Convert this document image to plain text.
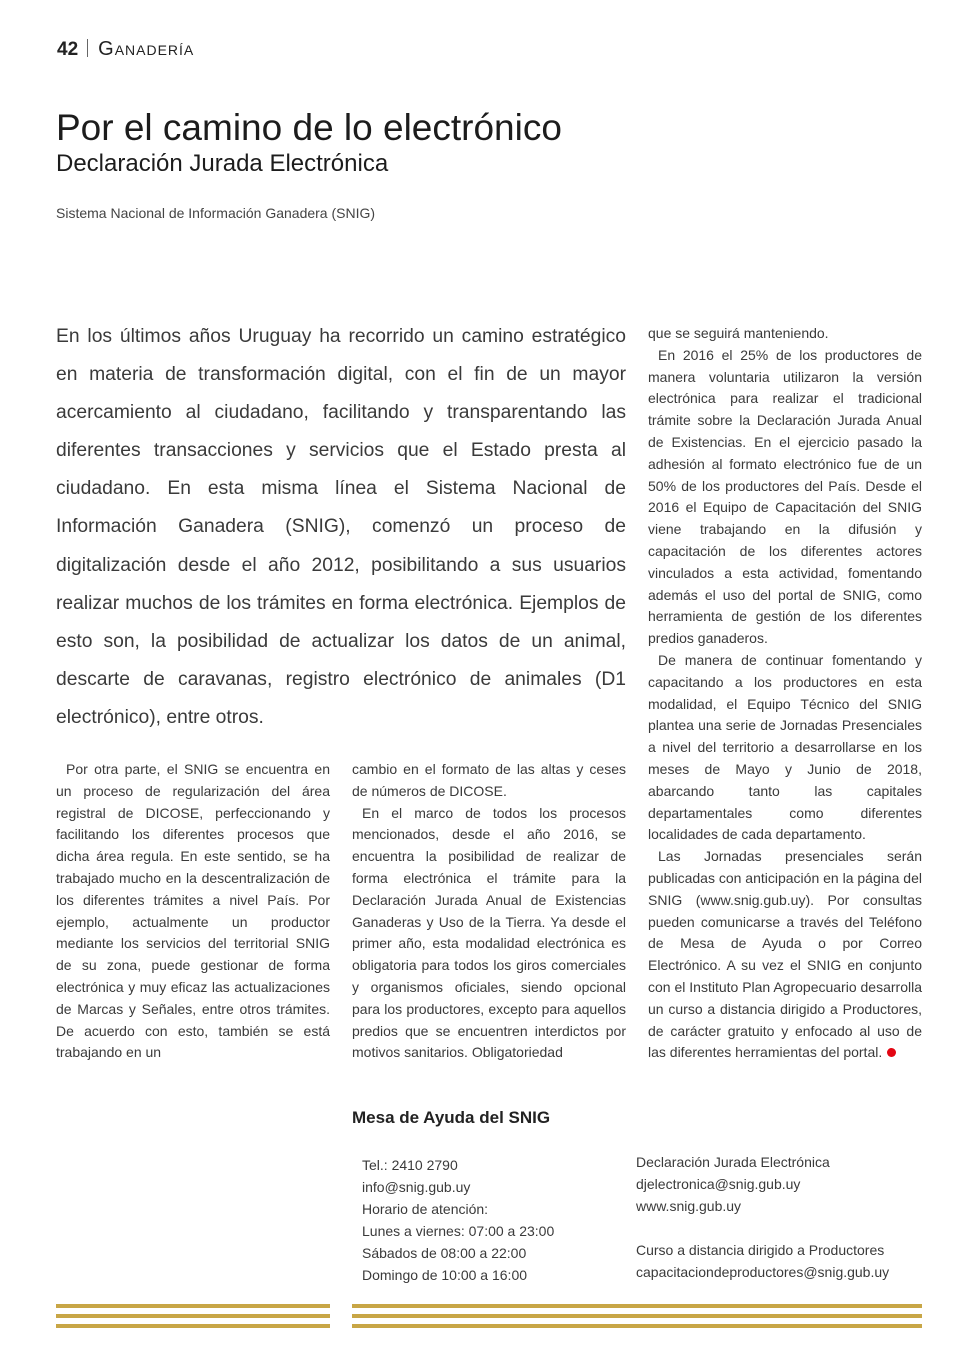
42 Ganadería
Por el camino de lo electrónico
Declaración Jurada Electrónica
Sistema Nacional de Información Ganadera (SNIG)

En los últimos años Uruguay ha recorrido un camino estratégico en materia de transformación digital, con el fin de un mayor acercamiento al ciudadano, facilitando y transparentando las diferentes transacciones y servicios que el Estado presta al ciudadano. En esta misma línea el Sistema Nacional de Información Ganadera (SNIG), comenzó un proceso de digitalización desde el año 2012, posibilitando a sus usuarios realizar muchos de los trámites en forma electrónica. Ejemplos de esto son, la posibilidad de actualizar los datos de un animal, descarte de caravanas, registro electrónico de animales (D1 electrónico), entre otros.

Por otra parte, el SNIG se encuentra en un proceso de regularización del área registral de DICOSE, perfeccionando y facilitando los diferentes procesos que dicha área regula. En este sentido, se ha trabajado mucho en la descentralización de los diferentes trámites a nivel País. Por ejemplo, actualmente un productor mediante los servicios del territorial SNIG de su zona, puede gestionar de forma electrónica y muy eficaz las actualizaciones de Marcas y Señales, entre otros trámites. De acuerdo con esto, también se está trabajando en un

cambio en el formato de las altas y ceses de números de DICOSE.

En el marco de todos los procesos mencionados, desde el año 2016, se encuentra la posibilidad de realizar de forma electrónica el trámite para la Declaración Jurada Anual de Existencias Ganaderas y Uso de la Tierra. Ya desde el primer año, esta modalidad electrónica es obligatoria para todos los giros comerciales y organismos oficiales, siendo opcional para los productores, excepto para aquellos predios que se encuentren interdictos por motivos sanitarios. Obligatoriedad

que se seguirá manteniendo.

En 2016 el 25% de los productores de manera voluntaria utilizaron la versión electrónica para realizar el tradicional trámite sobre la Declaración Jurada Anual de Existencias. En el ejercicio pasado la adhesión al formato electrónico fue de un 50% de los productores del País. Desde el 2016 el Equipo de Capacitación del SNIG viene trabajando en la difusión y capacitación de los diferentes actores vinculados a esta actividad, fomentando además el uso del portal de SNIG, como herramienta de gestión de los diferentes predios ganaderos.

De manera de continuar fomentando y capacitando a los productores en esta modalidad, el Equipo Técnico del SNIG plantea una serie de Jornadas Presenciales a nivel del territorio a desarrollarse en los meses de Mayo y Junio de 2018, abarcando tanto las capitales departamentales como diferentes localidades de cada departamento.

Las Jornadas presenciales serán publicadas con anticipación en la página del SNIG (www.snig.gub.uy). Por consultas pueden comunicarse a través del Teléfono de Mesa de Ayuda o por Correo Electrónico. A su vez el SNIG en conjunto con el Instituto Plan Agropecuario desarrolla un curso a distancia dirigido a Productores, de carácter gratuito y enfocado al uso de las diferentes herramientas del portal.

Mesa de Ayuda del SNIG
Tel.: 2410 2790
info@snig.gub.uy
Horario de atención:
Lunes a viernes: 07:00 a 23:00
Sábados de 08:00 a 22:00
Domingo de 10:00 a 16:00
Declaración Jurada Electrónica
djelectronica@snig.gub.uy
www.snig.gub.uy
Curso a distancia dirigido a Productores
capacitaciondeproductores@snig.gub.uy
